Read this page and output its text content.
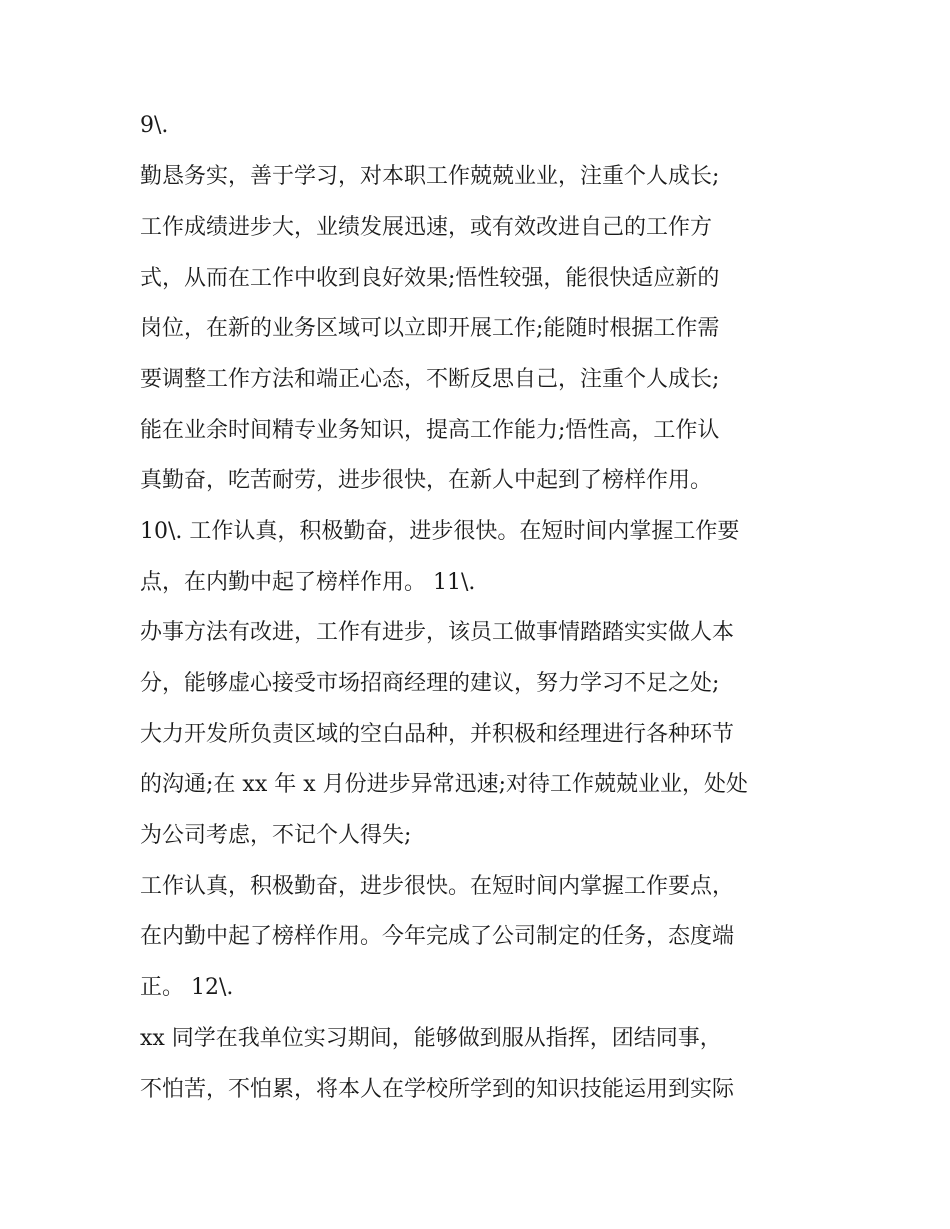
9\.
勤恳务实，善于学习，对本职工作兢兢业业，注重个人成长;
工作成绩进步大，业绩发展迅速，或有效改进自己的工作方
式，从而在工作中收到良好效果;悟性较强，能很快适应新的
岗位，在新的业务区域可以立即开展工作;能随时根据工作需
要调整工作方法和端正心态，不断反思自己，注重个人成长;
能在业余时间精专业务知识，提高工作能力;悟性高，工作认
真勤奋，吃苦耐劳，进步很快，在新人中起到了榜样作用。
10\. 工作认真，积极勤奋，进步很快。在短时间内掌握工作要
点，在内勤中起了榜样作用。 11\.
办事方法有改进，工作有进步，该员工做事情踏踏实实做人本
分，能够虚心接受市场招商经理的建议，努力学习不足之处;
大力开发所负责区域的空白品种，并积极和经理进行各种环节
的沟通;在 xx 年 x 月份进步异常迅速;对待工作兢兢业业，处处
为公司考虑，不记个人得失;
工作认真，积极勤奋，进步很快。在短时间内掌握工作要点，
在内勤中起了榜样作用。今年完成了公司制定的任务，态度端
正。 12\.
xx 同学在我单位实习期间，能够做到服从指挥，团结同事，
不怕苦，不怕累，将本人在学校所学到的知识技能运用到实际
